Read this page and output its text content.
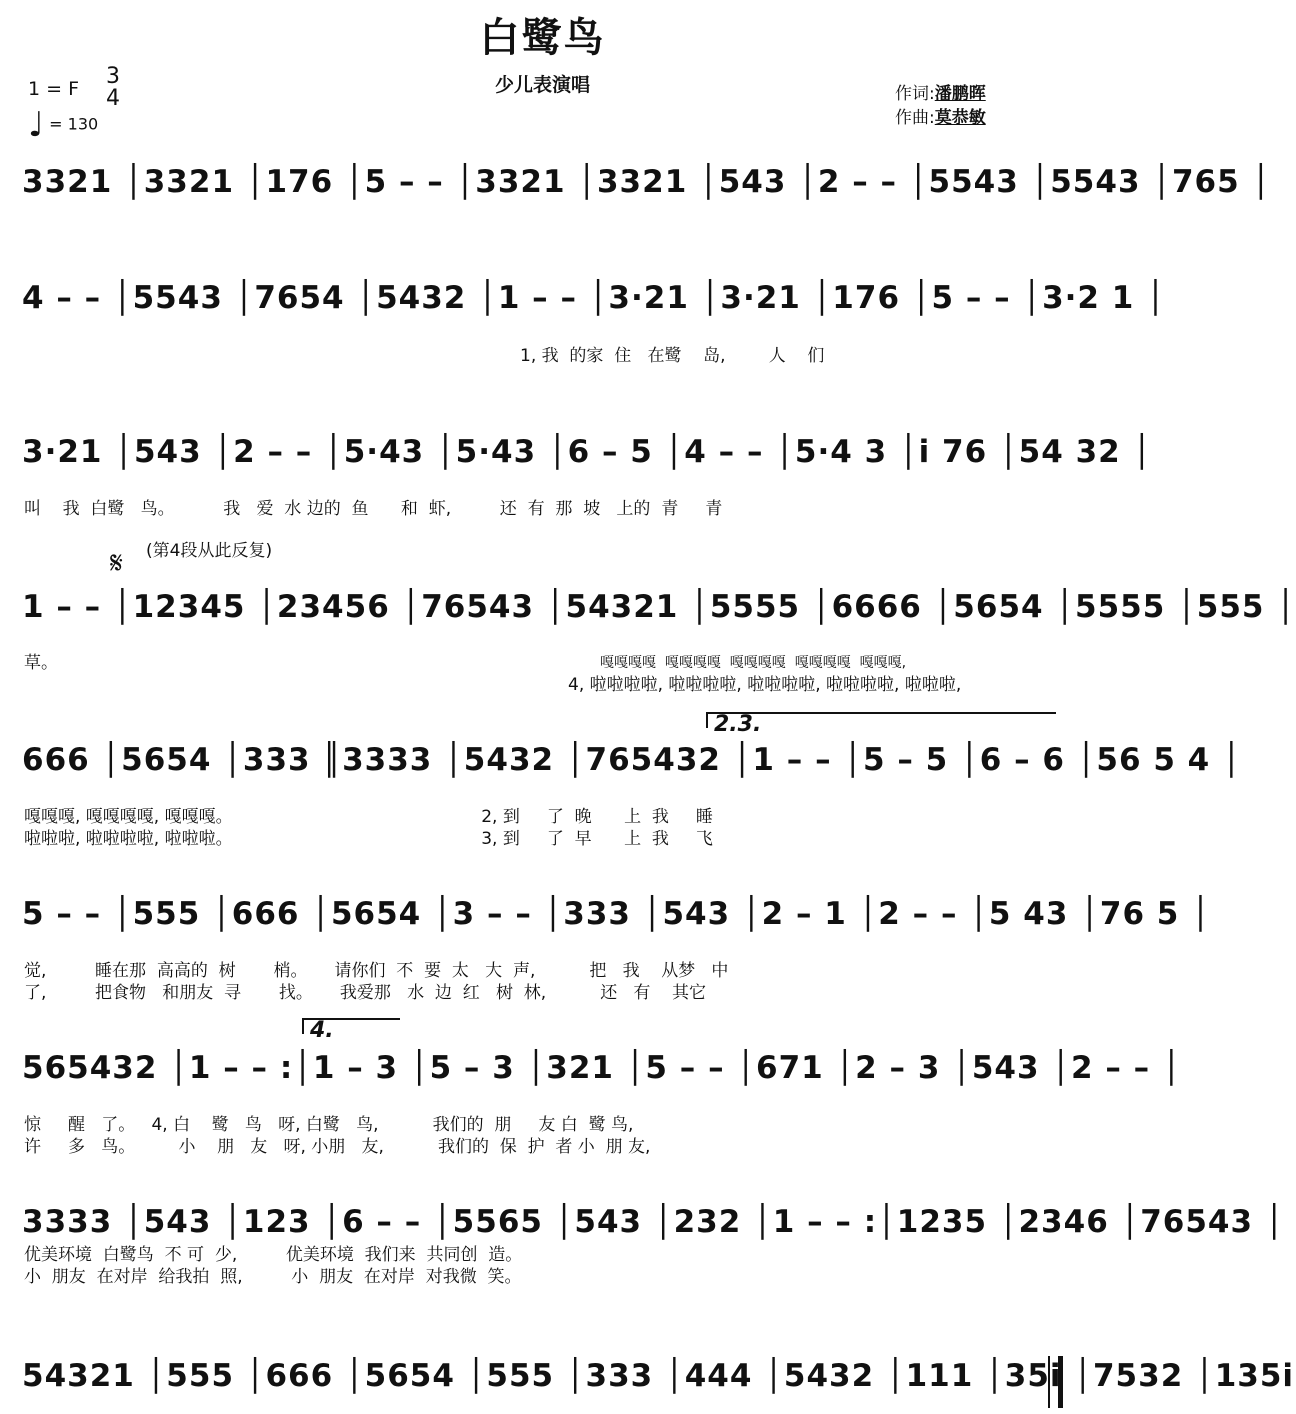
白鹭鸟
少儿表演唱
1 = F 3
4
♩ = 130
作词:潘鹏晖
作曲:莫恭敏
3321 │3321 │176 │5 – – │3321 │3321 │543 │2 – – │5543 │5543 │765 │
4 – – │5543 │7654 │5432 │1 – – │3·21 │3·21 │176 │5 – – │3·2 1 │
1, 我  的家  住   在鹭    岛,        人    们
3·21 │543 │2 – – │5·43 │5·43 │6 – 5 │4 – – │5·4 3 │i 76 │54 32 │
叫    我  白鹭   鸟。         我   爱  水 边的  鱼      和  虾,         还  有  那  坡   上的  青     青
𝄋 (第4段从此反复)
1 – – │12345 │23456 │76543 │54321 │5555 │6666 │5654 │5555 │555 │
草。	嘎嘎嘎嘎  嘎嘎嘎嘎  嘎嘎嘎嘎  嘎嘎嘎嘎  嘎嘎嘎,
4, 啦啦啦啦, 啦啦啦啦, 啦啦啦啦, 啦啦啦啦, 啦啦啦,
2.3.
666 │5654 │333 ║3333 │5432 │765432 │1 – – │5 – 5 │6 – 6 │56 5 4 │
嘎嘎嘎, 嘎嘎嘎嘎, 嘎嘎嘎。                                              2, 到     了  晚      上  我     睡
啦啦啦, 啦啦啦啦, 啦啦啦。                                              3, 到     了  早      上  我     飞
5 – – │555 │666 │5654 │3 – – │333 │543 │2 – 1 │2 – – │5 43 │76 5 │
觉,         睡在那  高高的  树       梢。     请你们  不  要  太   大  声,          把   我    从梦   中
了,         把食物   和朋友  寻       找。     我爱那   水  边  红   树  林,          还   有    其它
4.
565432 │1 – – :│1 – 3 │5 – 3 │321 │5 – – │671 │2 – 3 │543 │2 – – │
惊     醒   了。   4, 白    鹭   鸟   呀, 白鹭   鸟,          我们的  朋     友 白  鹭 鸟,
许     多   鸟。        小    朋   友   呀, 小朋   友,          我们的  保  护  者 小  朋 友,
3333 │543 │123 │6 – – │5565 │543 │232 │1 – – :│1235 │2346 │76543 │
优美环境  白鹭鸟  不 可  少,         优美环境  我们来  共同创  造。
小  朋友  在对岸  给我拍  照,         小  朋友  在对岸  对我微  笑。
54321 │555 │666 │5654 │555 │333 │444 │5432 │111 │35i │7532 │135i
